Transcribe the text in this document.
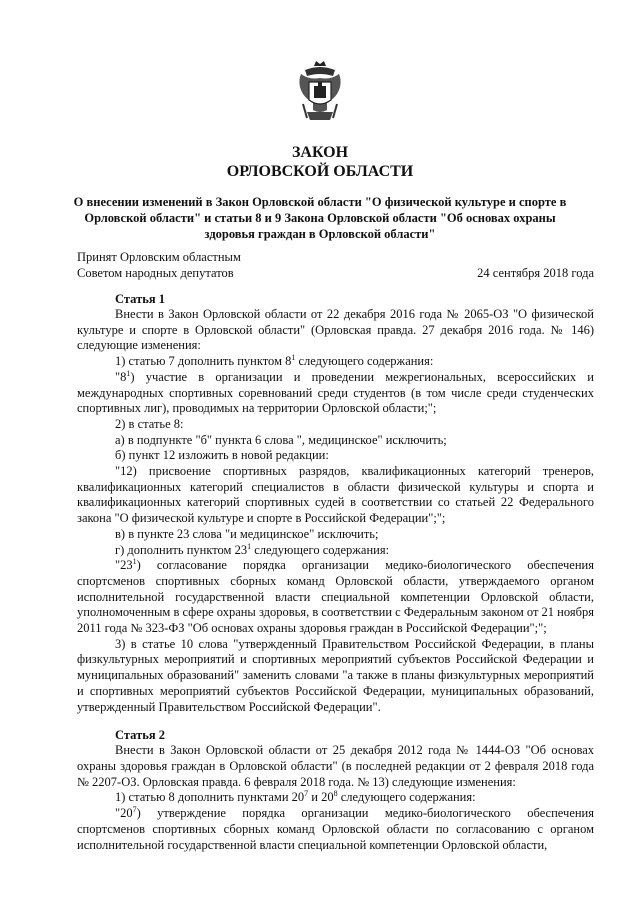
ЗАКОН
ОРЛОВСКОЙ ОБЛАСТИ
О внесении изменений в Закон Орловской области "О физической культуре и спорте в Орловской области" и статьи 8 и 9 Закона Орловской области "Об основах охраны здоровья граждан в Орловской области"
Принят Орловским областным
Советом народных депутатов	24 сентября 2018 года
Статья 1

Внести в Закон Орловской области от 22 декабря 2016 года № 2065-ОЗ "О физической культуре и спорте в Орловской области" (Орловская правда. 27 декабря 2016 года. № 146) следующие изменения:

1) статью 7 дополнить пунктом $8^1$ следующего содержания:

"$8^1$) участие в организации и проведении межрегиональных, всероссийских и международных спортивных соревнований среди студентов (в том числе среди студенческих спортивных лиг), проводимых на территории Орловской области;";

2) в статье 8:

а) в подпункте "б" пункта 6 слова ", медицинское" исключить;

б) пункт 12 изложить в новой редакции:

"12) присвоение спортивных разрядов, квалификационных категорий тренеров, квалификационных категорий специалистов в области физической культуры и спорта и квалификационных категорий спортивных судей в соответствии со статьей 22 Федерального закона "О физической культуре и спорте в Российской Федерации";";

в) в пункте 23 слова "и медицинское" исключить;

г) дополнить пунктом $23^1$ следующего содержания:

"$23^1$) согласование порядка организации медико-биологического обеспечения спортсменов спортивных сборных команд Орловской области, утверждаемого органом исполнительной государственной власти специальной компетенции Орловской области, уполномоченным в сфере охраны здоровья, в соответствии с Федеральным законом от 21 ноября 2011 года № 323-ФЗ "Об основах охраны здоровья граждан в Российской Федерации";";

3) в статье 10 слова "утвержденный Правительством Российской Федерации, в планы физкультурных мероприятий и спортивных мероприятий субъектов Российской Федерации и муниципальных образований" заменить словами "а также в планы физкультурных мероприятий и спортивных мероприятий субъектов Российской Федерации, муниципальных образований, утвержденный Правительством Российской Федерации".

Статья 2

Внести в Закон Орловской области от 25 декабря 2012 года № 1444-ОЗ "Об основах охраны здоровья граждан в Орловской области" (в последней редакции от 2 февраля 2018 года № 2207-ОЗ. Орловская правда. 6 февраля 2018 года. № 13) следующие изменения:

1) статью 8 дополнить пунктами $20^7$ и $20^8$ следующего содержания:

"$20^7$) утверждение порядка организации медико-биологического обеспечения спортсменов спортивных сборных команд Орловской области по согласованию с органом исполнительной государственной власти специальной компетенции Орловской области,
